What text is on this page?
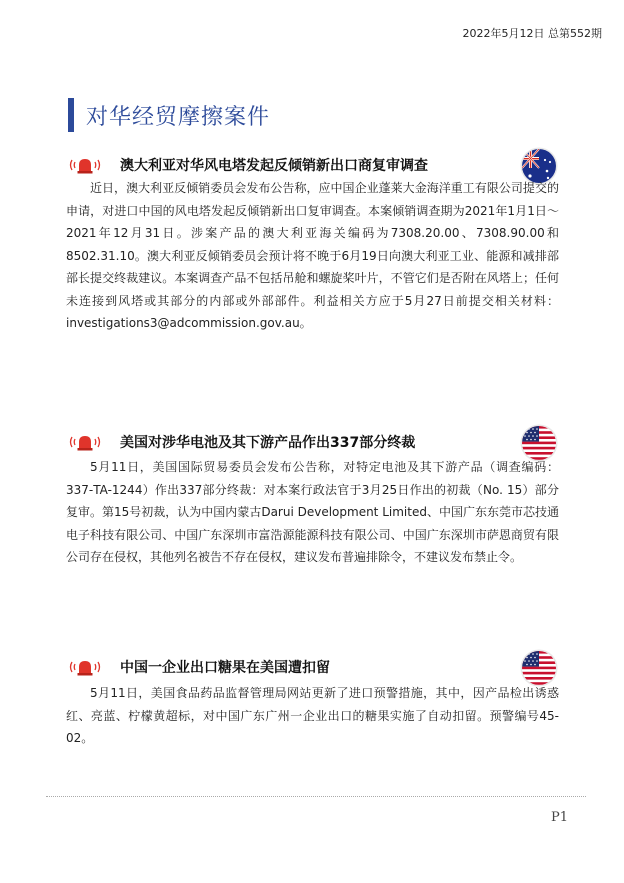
2022年5月12日 总第552期
对华经贸摩擦案件
澳大利亚对华风电塔发起反倾销新出口商复审调查

近日，澳大利亚反倾销委员会发布公告称，应中国企业蓬莱大金海洋重工有限公司提交的申请，对进口中国的风电塔发起反倾销新出口复审调查。本案倾销调查期为2021年1月1日～2021年12月31日。涉案产品的澳大利亚海关编码为7308.20.00、7308.90.00和8502.31.10。澳大利亚反倾销委员会预计将不晚于6月19日向澳大利亚工业、能源和减排部部长提交终裁建议。本案调查产品不包括吊舱和螺旋桨叶片，不管它们是否附在风塔上；任何未连接到风塔或其部分的内部或外部部件。利益相关方应于5月27日前提交相关材料：investigations3@adcommission.gov.au。

美国对涉华电池及其下游产品作出337部分终裁

5月11日，美国国际贸易委员会发布公告称，对特定电池及其下游产品（调查编码：337-TA-1244）作出337部分终裁：对本案行政法官于3月25日作出的初裁（No. 15）部分复审。第15号初裁，认为中国内蒙古Darui Development Limited、中国广东东莞市芯技通电子科技有限公司、中国广东深圳市富浩源能源科技有限公司、中国广东深圳市萨恩商贸有限公司存在侵权，其他列名被告不存在侵权，建议发布普遍排除令，不建议发布禁止令。

中国一企业出口糖果在美国遭扣留

5月11日，美国食品药品监督管理局网站更新了进口预警措施，其中，因产品检出诱惑红、亮蓝、柠檬黄超标，对中国广东广州一企业出口的糖果实施了自动扣留。预警编号45-02。

P1
